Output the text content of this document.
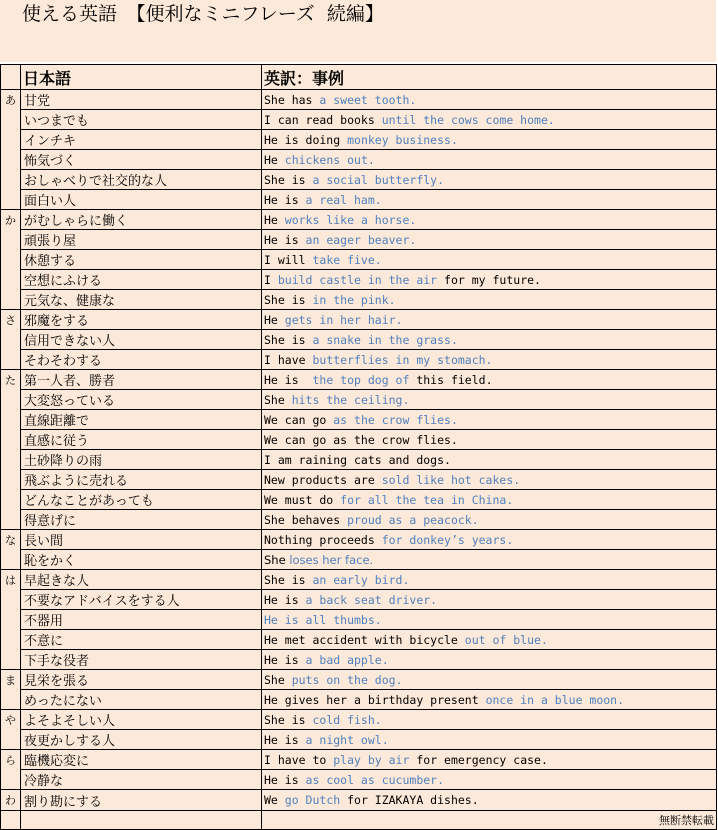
使える英語　【便利なミニフレーズ  続編】
	日本語	英訳：事例
あ	甘党	She has a sweet tooth.
	いつまでも	I can read books until the cows come home.
	インチキ	He is doing monkey business.
	怖気づく	He chickens out.
	おしゃべりで社交的な人	She is a social butterfly.
	面白い人	He is a real ham.
か	がむしゃらに働く	He works like a horse.
	頑張り屋	He is an eager beaver.
	休憩する	I will take five.
	空想にふける	I build castle in the air for my future.
	元気な、健康な	She is in the pink.
さ	邪魔をする	He gets in her hair.
	信用できない人	She is a snake in the grass.
	そわそわする	I have butterflies in my stomach.
た	第一人者、勝者	He is  the top dog of this field.
	大変怒っている	She hits the ceiling.
	直線距離で	We can go as the crow flies.
	直感に従う	We can go as the crow flies.
	土砂降りの雨	I am raining cats and dogs.
	飛ぶように売れる	New products are sold like hot cakes.
	どんなことがあっても	We must do for all the tea in China.
	得意げに	She behaves proud as a peacock.
な	長い間	Nothing proceeds for donkey’s years.
	恥をかく	She loses her face.
は	早起きな人	She is an early bird.
	不要なアドバイスをする人	He is a back seat driver.
	不器用	He is all thumbs.
	不意に	He met accident with bicycle out of blue.
	下手な役者	He is a bad apple.
ま	見栄を張る	She puts on the dog.
	めったにない	He gives her a birthday present once in a blue moon.
や	よそよそしい人	She is cold fish.
	夜更かしする人	He is a night owl.
ら	臨機応変に	I have to play by air for emergency case.
	冷静な	He is as cool as cucumber.
わ	割り勘にする	We go Dutch for IZAKAYA dishes.
		無断禁転載
